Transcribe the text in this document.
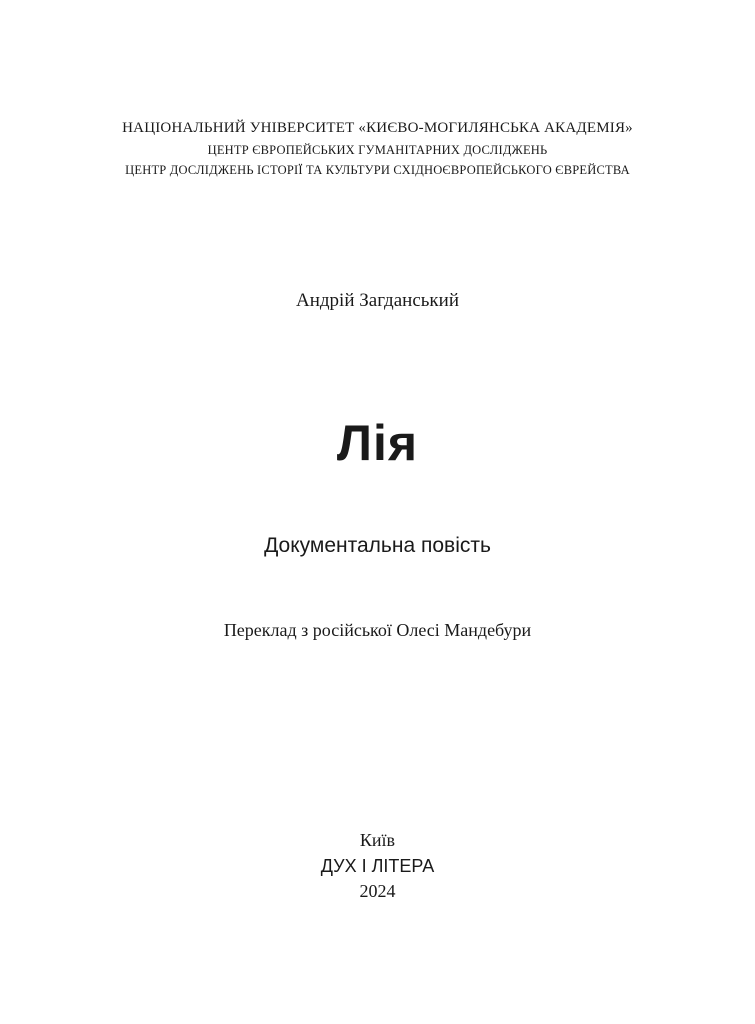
НАЦІОНАЛЬНИЙ УНІВЕРСИТЕТ «КИЄВО-МОГИЛЯНСЬКА АКАДЕМІЯ»
ЦЕНТР ЄВРОПЕЙСЬКИХ ГУМАНІТАРНИХ ДОСЛІДЖЕНЬ
ЦЕНТР ДОСЛІДЖЕНЬ ІСТОРІЇ ТА КУЛЬТУРИ СХІДНОЄВРОПЕЙСЬКОГО ЄВРЕЙСТВА
Андрій Загданський
Лія
Документальна повість
Переклад з російської Олесі Мандебури
Київ
ДУХ І ЛІТЕРА
2024
